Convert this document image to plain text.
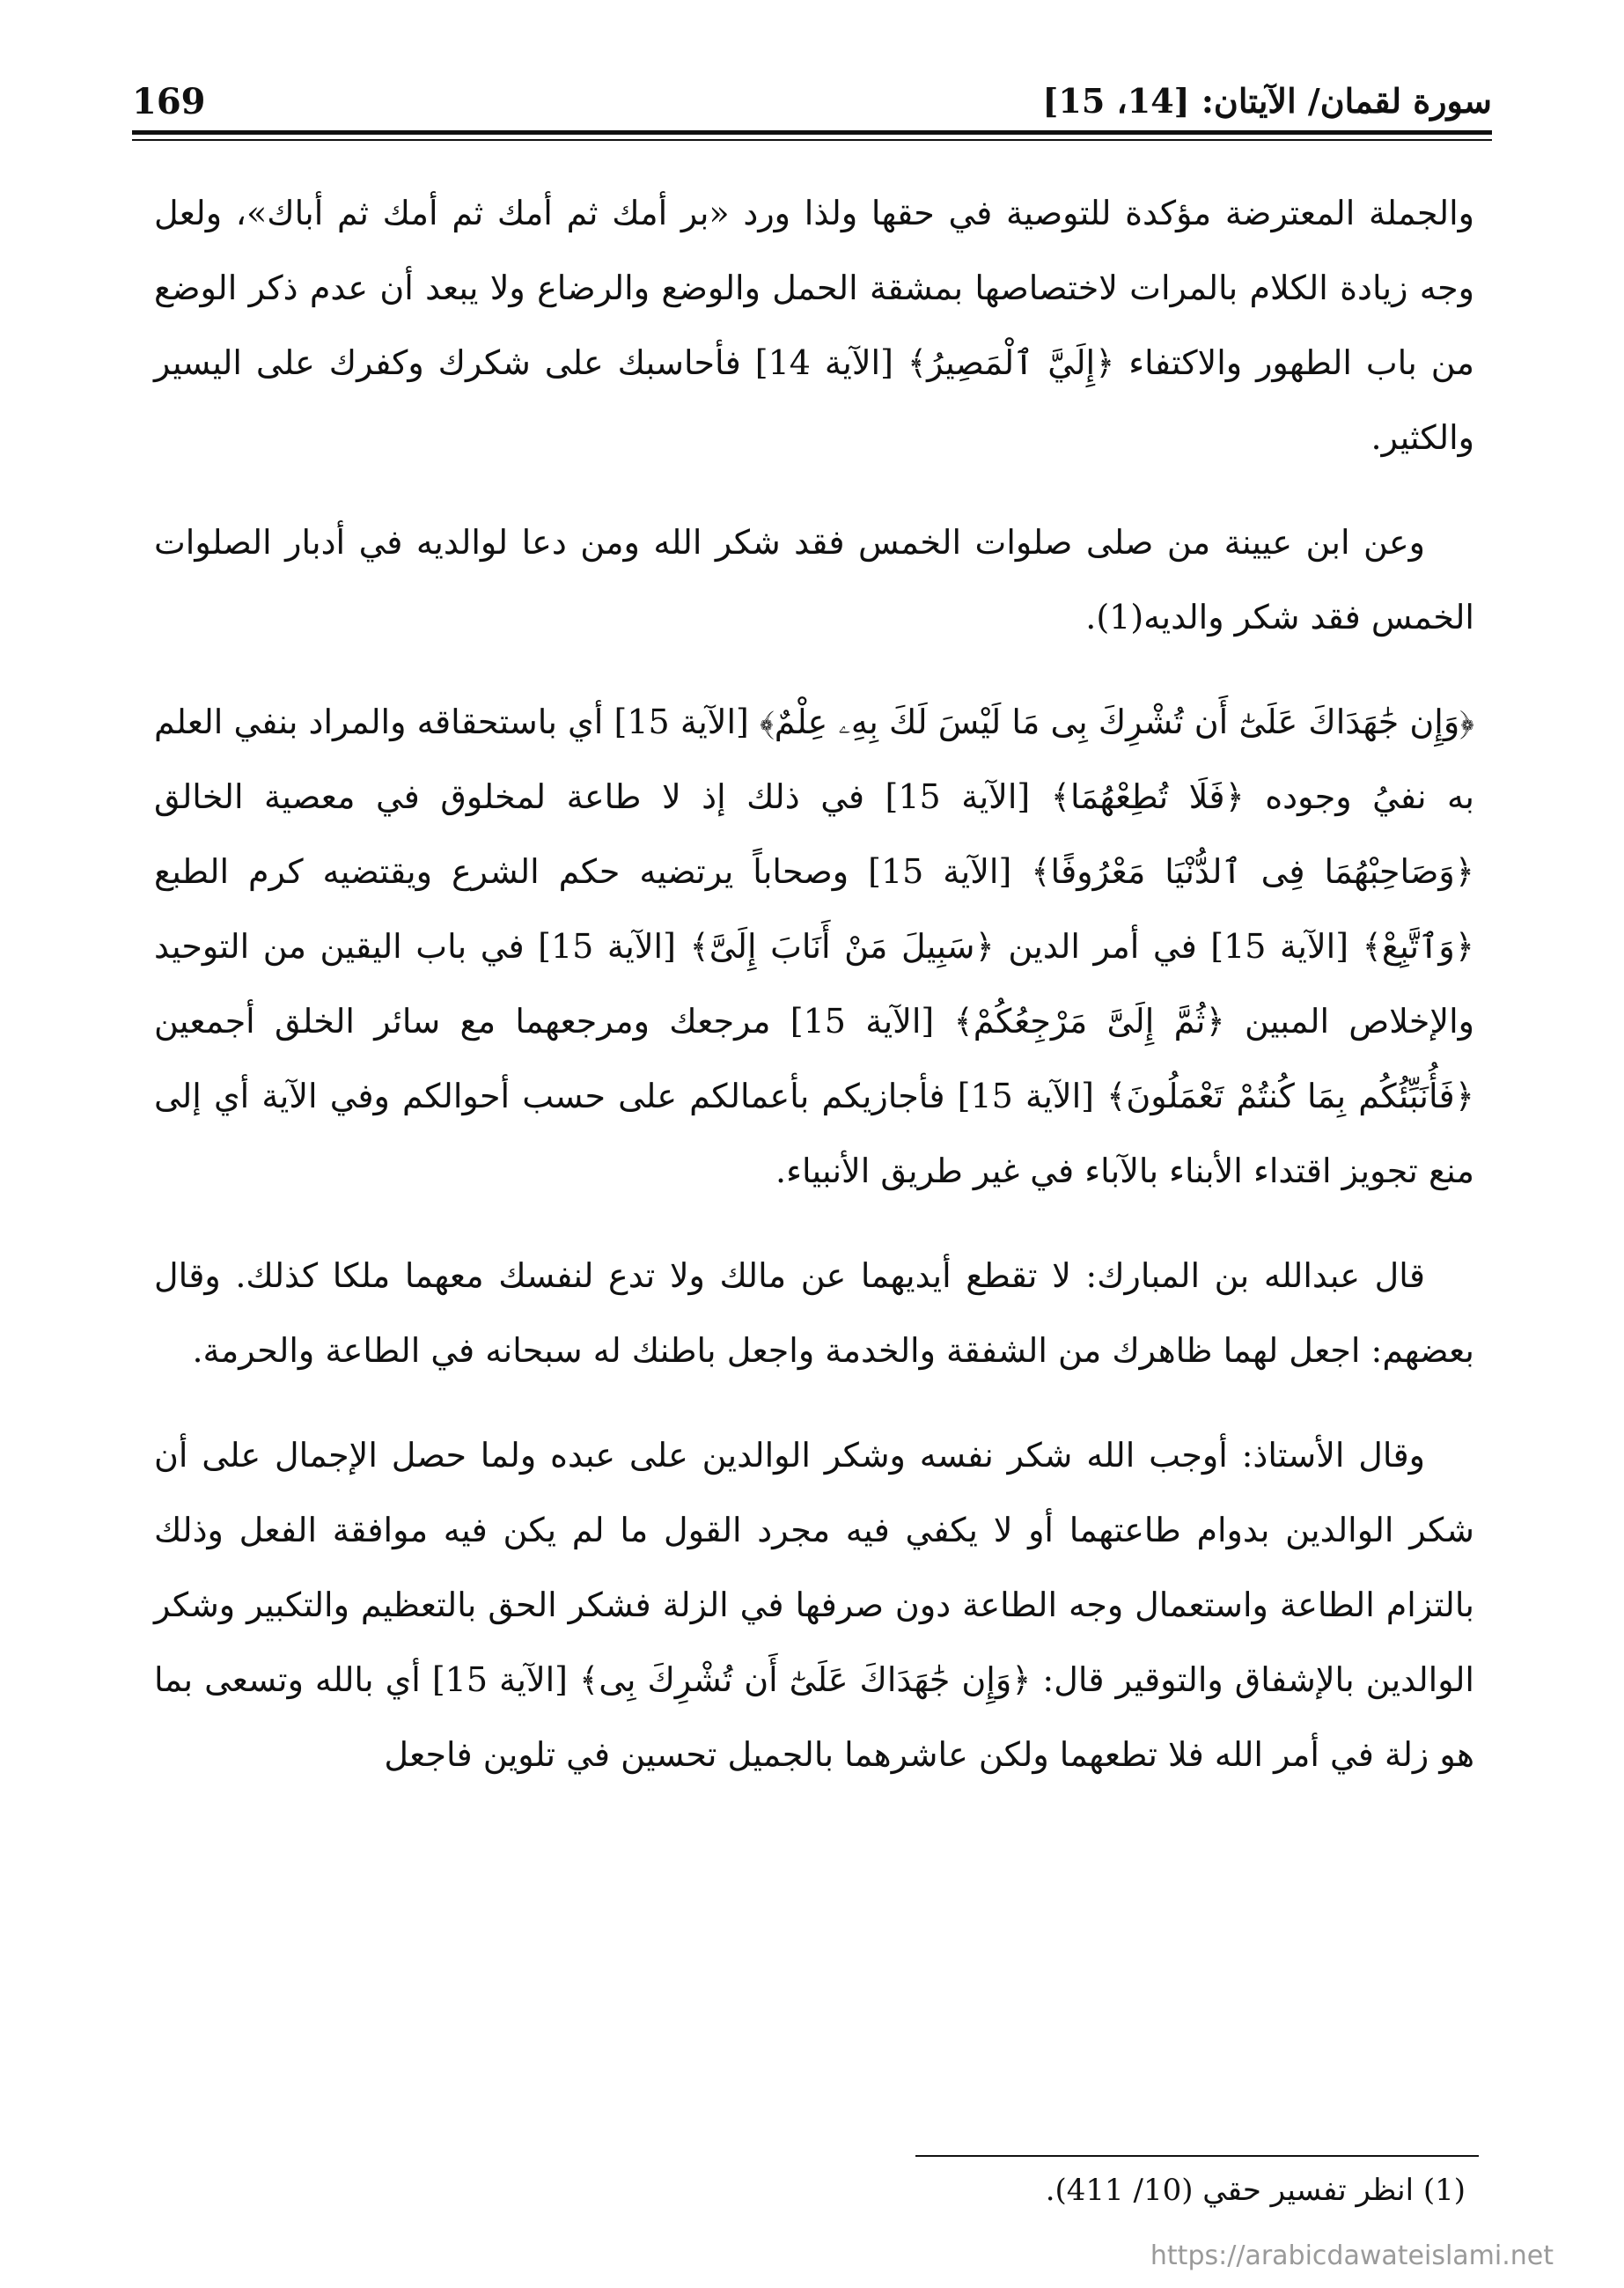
سورة لقمان/ الآيتان: [14، 15]
169

والجملة المعترضة مؤكدة للتوصية في حقها ولذا ورد «بر أمك ثم أمك ثم أمك ثم أباك»، ولعل وجه زيادة الكلام بالمرات لاختصاصها بمشقة الحمل والوضع والرضاع ولا يبعد أن عدم ذكر الوضع من باب الطهور والاكتفاء ﴿إِلَيَّ ٱلْمَصِيرُ﴾ [الآية 14] فأحاسبك على شكرك وكفرك على اليسير والكثير.

وعن ابن عيينة من صلى صلوات الخمس فقد شكر الله ومن دعا لوالديه في أدبار الصلوات الخمس فقد شكر والديه(1).

﴿وَإِن جَٰهَدَاكَ عَلَىٰٓ أَن تُشْرِكَ بِى مَا لَيْسَ لَكَ بِهِۦ عِلْمٌ﴾ [الآية 15] أي باستحقاقه والمراد بنفي العلم به نفيُ وجوده ﴿فَلَا تُطِعْهُمَا﴾ [الآية 15] في ذلك إذ لا طاعة لمخلوق في معصية الخالق ﴿وَصَاحِبْهُمَا فِى ٱلدُّنْيَا مَعْرُوفًا﴾ [الآية 15] وصحاباً يرتضيه حكم الشرع ويقتضيه كرم الطبع ﴿وَٱتَّبِعْ﴾ [الآية 15] في أمر الدين ﴿سَبِيلَ مَنْ أَنَابَ إِلَىَّ﴾ [الآية 15] في باب اليقين من التوحيد والإخلاص المبين ﴿ثُمَّ إِلَىَّ مَرْجِعُكُمْ﴾ [الآية 15] مرجعك ومرجعهما مع سائر الخلق أجمعين ﴿فَأُنَبِّئُكُم بِمَا كُنتُمْ تَعْمَلُونَ﴾ [الآية 15] فأجازيكم بأعمالكم على حسب أحوالكم وفي الآية أي إلى منع تجويز اقتداء الأبناء بالآباء في غير طريق الأنبياء.

قال عبدالله بن المبارك: لا تقطع أيديهما عن مالك ولا تدع لنفسك معهما ملكا كذلك. وقال بعضهم: اجعل لهما ظاهرك من الشفقة والخدمة واجعل باطنك له سبحانه في الطاعة والحرمة.

وقال الأستاذ: أوجب الله شكر نفسه وشكر الوالدين على عبده ولما حصل الإجمال على أن شكر الوالدين بدوام طاعتهما أو لا يكفي فيه مجرد القول ما لم يكن فيه موافقة الفعل وذلك بالتزام الطاعة واستعمال وجه الطاعة دون صرفها في الزلة فشكر الحق بالتعظيم والتكبير وشكر الوالدين بالإشفاق والتوقير قال: ﴿وَإِن جَٰهَدَاكَ عَلَىٰٓ أَن تُشْرِكَ بِى﴾ [الآية 15] أي بالله وتسعى بما هو زلة في أمر الله فلا تطعهما ولكن عاشرهما بالجميل تحسين في تلوين فاجعل

(1) انظر تفسير حقي (10/ 411).
https://arabicdawateislami.net
